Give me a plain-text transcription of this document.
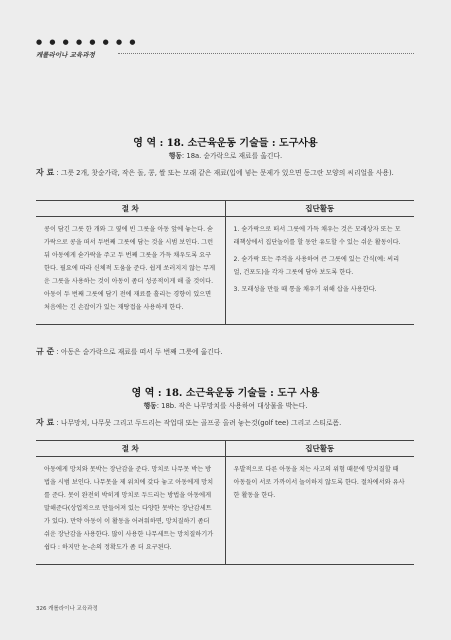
● ● ● ● ● ● ● ●
캐롤라이나 교육과정
영 역 : 18. 소근육운동 기술들 : 도구사용
행동: 18a. 숟가락으로 재료를 옮긴다.
자 료 : 그릇 2개, 찻숟가락, 작은 돌, 콩, 쌀 또는 모래 같은 재료(입에 넣는 문제가 있으면 동그란 모양의 씨리얼을 사용).
절 차	집단활동

콩이 담긴 그릇 한 개와 그 옆에 빈 그릇을 아동 앞에 놓는다. 숟가락으로 콩을 떠서 두번째 그릇에 담는 것을 시범 보인다. 그런 뒤 아동에게 숟가락을 주고 두 번째 그릇을 가득 채우도록 요구한다. 필요에 따라 신체적 도움을 준다. 쉽게 쏘러지지 않는 무게운 그릇을 사용하는 것이 아동이 좀더 성공적이게 해 줄 것이다. 아동이 두 번째 그릇에 담기 전에 재료를 흘리는 경향이 있으면 처음에는 긴 손잡이가 있는 재탕접을 사용하게 한다.

1. 숟가락으로 떠서 그릇에 가득 채우는 것은 모래상자 또는 모래책상에서 집단놀이를 할 동안 유도할 수 있는 쉬운 활동이다.

2. 숟가락 또는 주걱을 사용하여 큰 그릇에 있는 간식(예: 씨리얼, 건포도)을 각자 그릇에 담아 보도록 한다.

3. 모래성을 만들 때 통을 채우기 위해 삽을 사용한다.

규 준 : 아동은 숟가락으로 재료를 떠서 두 번째 그릇에 옮긴다.
영 역 : 18. 소근육운동 기술들 : 도구 사용
행동: 18b. 작은 나무망치를 사용하여 대상물을 박는다.
자 료 : 나무망치, 나무못 그리고 두드리는 작업대 또는 골프공 올려 놓는것(golf tee) 그리고 스티로폼.
절 차	집단활동

아동에게 망치와 못박는 장난감을 준다. 망치로 나무못 박는 방법을 시범 보인다. 나무못을 제 위치에 갖다 놓고 아동에게 망치를 준다. 못이 완전히 박히게 망치로 두드리는 방법을 아동에게 말해준다(상업적으로 만들어져 있는 다양한 못박는 장난감세트가 있다). 만약 아동이 이 활동을 어려워하면, 망치질하기 좀더 쉬운 장난감을 사용한다. 많이 사용한 나무세트는 망치질하기가 쉽다 : 하지만 눈-손의 정확도가 좀 더 요구된다.

우발적으로 다른 아동을 치는 사고의 위험 때문에 망치질할 때 아동들이 서로 가까이서 놀이하지 않도록 한다. 절차에서와 유사한 활동을 한다.

326 캐롤라이나 교육과정
